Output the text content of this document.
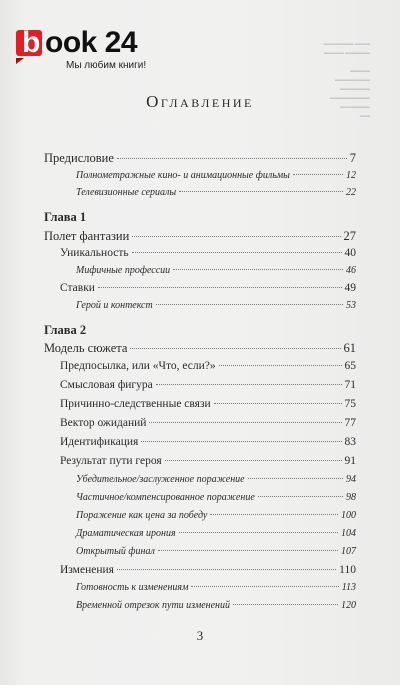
▬▬▬▬▬▬ ▬▬▬
▬▬▬▬ ▬▬▬▬▬

▬▬▬▬
▬▬▬▬▬▬▬
▬▬▬▬▬▬
▬▬▬▬▬▬▬▬
▬▬▬▬▬▬
▬▬
b ook 24
Мы любим книги!
Оглавление
Предисловие	7
Полнометражные кино- и анимационные фильмы	12
Телевизионные сериалы	22
Глава 1
Полет фантазии	27
Уникальность	40
Мифичные профессии	46
Ставки	49
Герой и контекст	53
Глава 2
Модель сюжета	61
Предпосылка, или «Что, если?»	65
Смысловая фигура	71
Причинно-следственные связи	75
Вектор ожиданий	77
Идентификация	83
Результат пути героя	91
Убедительное/заслуженное поражение	94
Частичное/компенсированное поражение	98
Поражение как цена за победу	100
Драматическая ирония	104
Открытый финал	107
Изменения	110
Готовность к изменениям	113
Временной отрезок пути изменений	120
3
